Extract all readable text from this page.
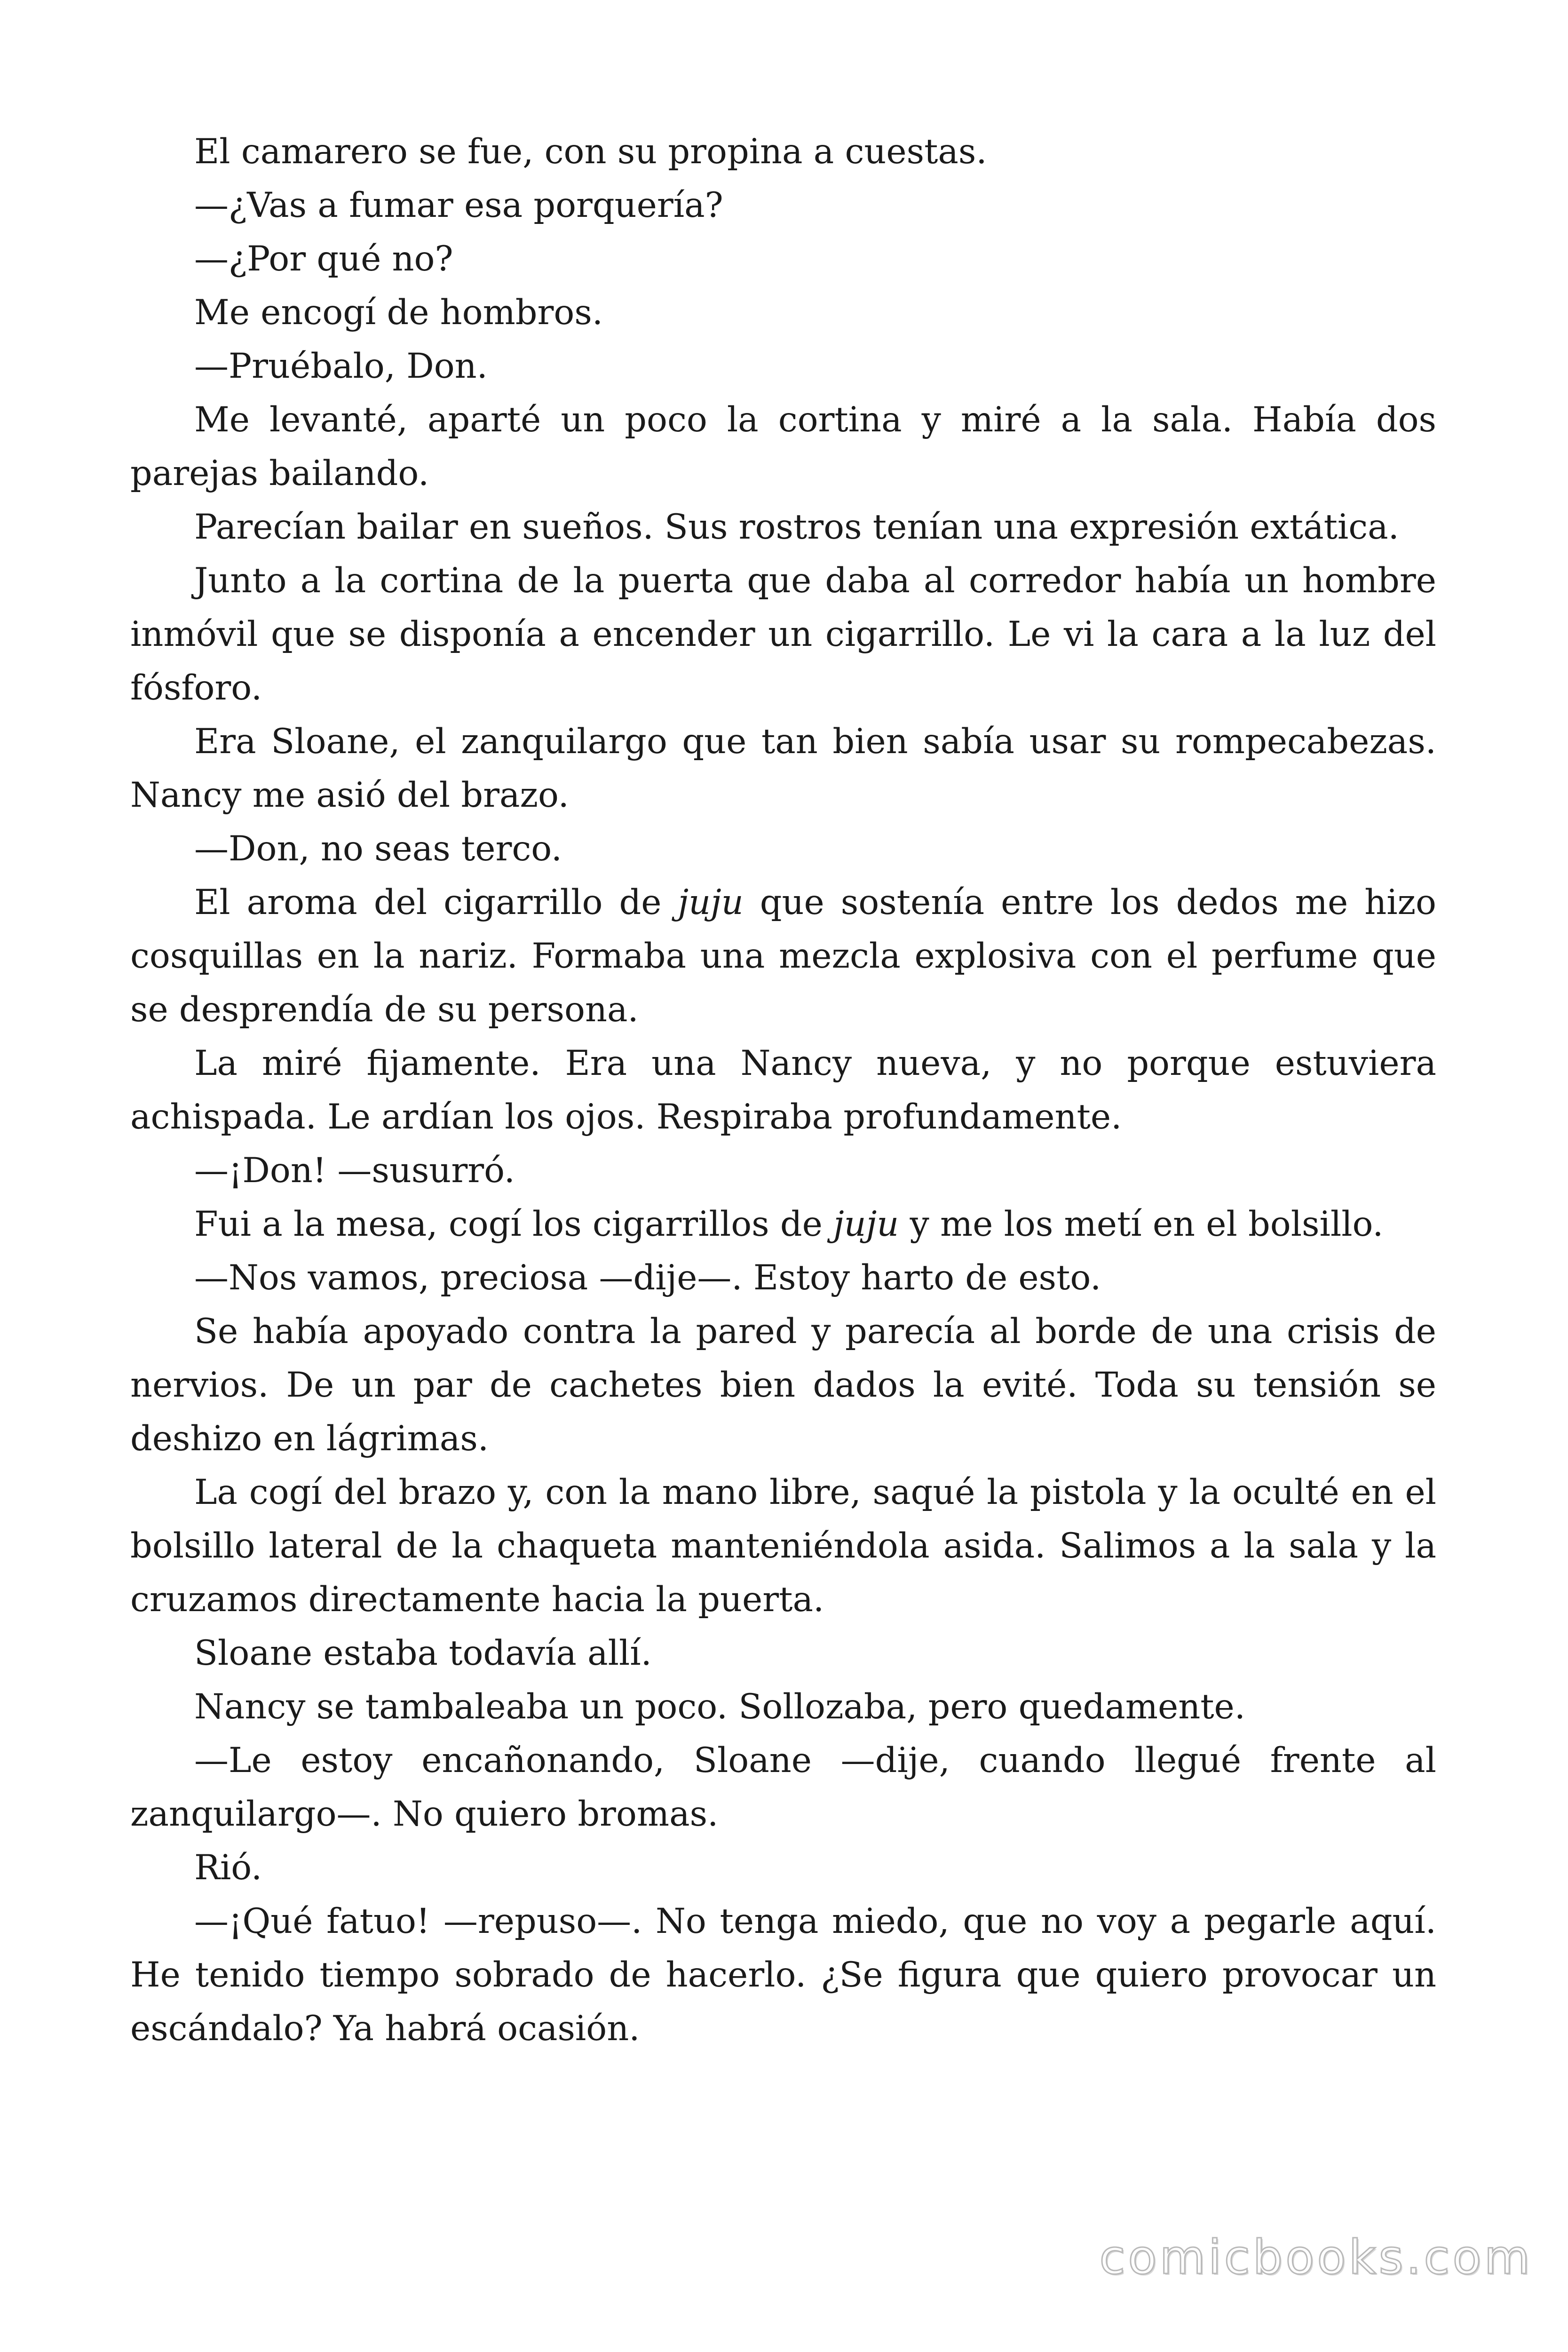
El camarero se fue, con su propina a cuestas.

—¿Vas a fumar esa porquería?

—¿Por qué no?

Me encogí de hombros.

—Pruébalo, Don.

Me levanté, aparté un poco la cortina y miré a la sala. Había dos parejas bailando.

Parecían bailar en sueños. Sus rostros tenían una expresión extática.

Junto a la cortina de la puerta que daba al corredor había un hombre inmóvil que se disponía a encender un cigarrillo. Le vi la cara a la luz del fósforo.

Era Sloane, el zanquilargo que tan bien sabía usar su rompecabezas. Nancy me asió del brazo.

—Don, no seas terco.

El aroma del cigarrillo de juju que sostenía entre los dedos me hizo cosquillas en la nariz. Formaba una mezcla explosiva con el perfume que se desprendía de su persona.

La miré fijamente. Era una Nancy nueva, y no porque estuviera achispada. Le ardían los ojos. Respiraba profundamente.

—¡Don! —susurró.

Fui a la mesa, cogí los cigarrillos de juju y me los metí en el bolsillo.

—Nos vamos, preciosa —dije—. Estoy harto de esto.

Se había apoyado contra la pared y parecía al borde de una crisis de nervios. De un par de cachetes bien dados la evité. Toda su tensión se deshizo en lágrimas.

La cogí del brazo y, con la mano libre, saqué la pistola y la oculté en el bolsillo lateral de la chaqueta manteniéndola asida. Salimos a la sala y la cruzamos directamente hacia la puerta.

Sloane estaba todavía allí.

Nancy se tambaleaba un poco. Sollozaba, pero quedamente.

—Le estoy encañonando, Sloane —dije, cuando llegué frente al zanquilargo—. No quiero bromas.

Rió.

—¡Qué fatuo! —repuso—. No tenga miedo, que no voy a pegarle aquí. He tenido tiempo sobrado de hacerlo. ¿Se figura que quiero provocar un escándalo? Ya habrá ocasión.

comicbooks.com
